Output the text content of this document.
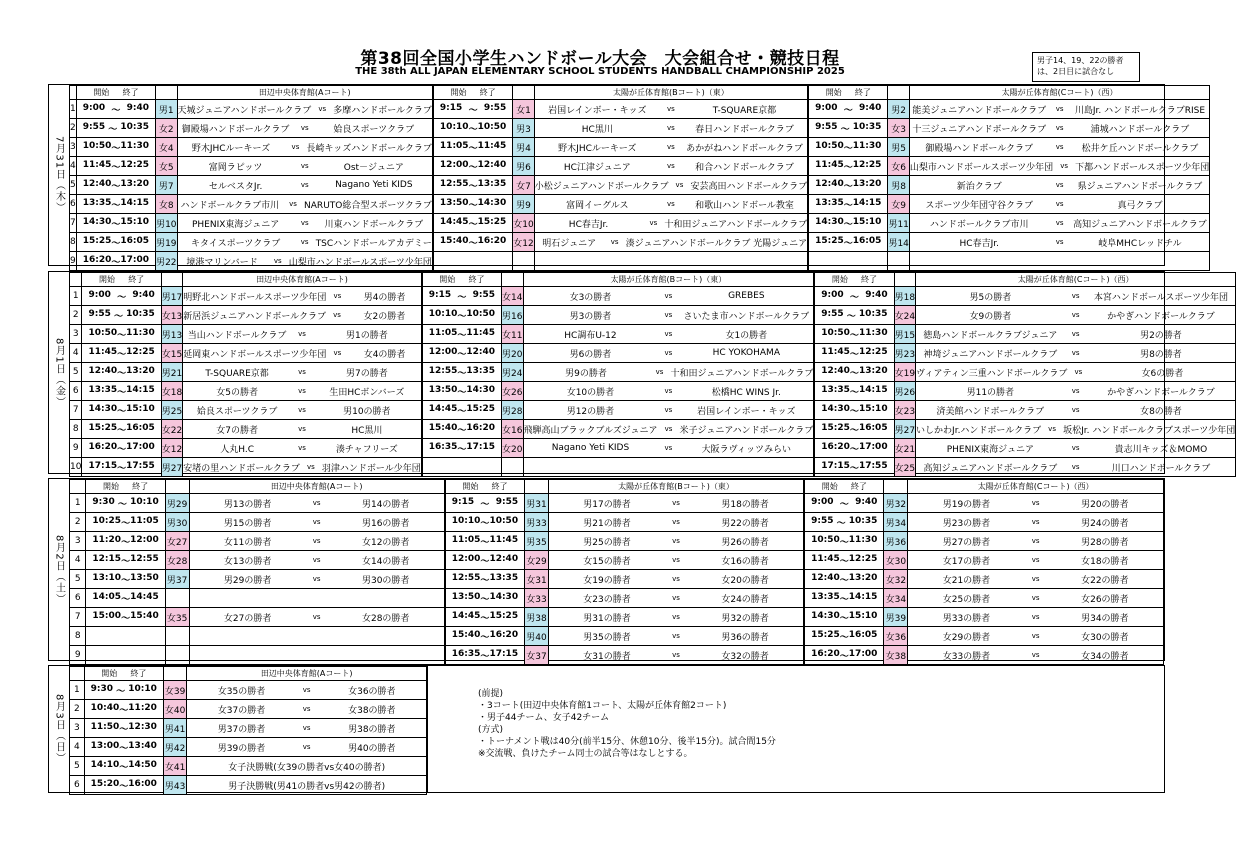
第38回全国小学生ハンドボール大会　大会組合せ・競技日程
THE 38th ALL JAPAN ELEMENTARY SCHOOL STUDENTS HANDBALL CHAMPIONSHIP 2025
男子14、19、22の勝者は、2日目に試合なし
7月31日（木）

	開始 終了		田辺中央体育館(Aコート)	開始 終了		太陽が丘体育館(Bコート)（東）	開始 終了		太陽が丘体育館(Cコート)（西）
1	9:00 ～ 9:40	男1	天城ジュニアハンドボールクラブ vs 多摩ハンドボールクラブ	9:15 ～ 9:55	女1	岩国レインボー・キッズ vs T-SQUARE京都	9:00 ～ 9:40	男2	能美ジュニアハンドボールクラブ vs 川島Jr. ハンドボールクラブRISE

2	9:55 ～ 10:35	女2	御殿場ハンドボールクラブ vs 姶良スポーツクラブ	10:10 ～ 10:50	男3	HC黒川 vs 春日ハンドボールクラブ	9:55 ～ 10:35	女3	十三ジュニアハンドボールクラブ vs 浦城ハンドボールクラブ

3	10:50 ～ 11:30	女4	野木JHCルーキーズ vs 長崎キッズハンドボールクラブ	11:05 ～ 11:45	男4	野木JHCルーキーズ vs あかがねハンドボールクラブ	10:50 ～ 11:30	男5	御殿場ハンドボールクラブ vs 松井ケ丘ハンドボールクラブ

4	11:45 ～ 12:25	女5	富岡ラピッツ vs Ost－ジュニア	12:00 ～ 12:40	男6	HC江津ジュニア vs 和合ハンドボールクラブ	11:45 ～ 12:25	女6	山梨市ハンドボールスポーツ少年団 vs 下都ハンドボールスポーツ少年団

5	12:40 ～ 13:20	男7	セルベスタJr. vs Nagano Yeti KIDS	12:55 ～ 13:35	女7	小松ジュニアハンドボールクラブ vs 安芸高田ハンドボールクラブ	12:40 ～ 13:20	男8	新治クラブ vs 県ジュニアハンドボールクラブ

6	13:35 ～ 14:15	女8	ハンドボールクラブ市川 vs NARUTO総合型スポーツクラブ	13:50 ～ 14:30	男9	富岡イーグルス vs 和歌山ハンドボール教室	13:35 ～ 14:15	女9	スポーツ少年団守谷クラブ vs 真弓クラブ

7	14:30 ～ 15:10	男10	PHENIX東海ジュニア vs 川東ハンドボールクラブ	14:45 ～ 15:25	女10	HC春吉Jr. vs 十和田ジュニアハンドボールクラブ	14:30 ～ 15:10	男11	ハンドボールクラブ市川 vs 高知ジュニアハンドボールクラブ

8	15:25 ～ 16:05	男19	キタイスポーツクラブ vs TSCハンドボールアカデミー	15:40 ～ 16:20	女12	明石ジュニア vs 湊ジュニアハンドボールクラブ 光陽ジュニア	15:25 ～ 16:05	男14	HC春吉Jr. vs 岐阜MHCレッドチル

9	16:20 ～ 17:00	男22	境港マリンバード vs 山梨市ハンドボールスポーツ少年団						

8月1日（金）

	開始 終了		田辺中央体育館(Aコート)	開始 終了		太陽が丘体育館(Bコート)（東）	開始 終了		太陽が丘体育館(Cコート)（西）
1	9:00 ～ 9:40	男17	明野北ハンドボールスポーツ少年団 vs 男4の勝者	9:15 ～ 9:55	女14	女3の勝者 vs GREBES	9:00 ～ 9:40	男18	男5の勝者 vs 本宮ハンドボールスポーツ少年団

2	9:55 ～ 10:35	女13	新居浜ジュニアハンドボールクラブ vs 女2の勝者	10:10 ～ 10:50	男16	男3の勝者 vs さいたま市ハンドボールクラブ	9:55 ～ 10:35	女24	女9の勝者 vs かやぎハンドボールクラブ

3	10:50 ～ 11:30	男13	当山ハンドボールクラブ vs 男1の勝者	11:05 ～ 11:45	女11	HC調布U-12 vs 女1の勝者	10:50 ～ 11:30	男15	徳島ハンドボールクラブジュニア vs 男2の勝者

4	11:45 ～ 12:25	女15	延岡東ハンドボールスポーツ少年団 vs 女4の勝者	12:00 ～ 12:40	男20	男6の勝者 vs HC YOKOHAMA	11:45 ～ 12:25	男23	神埼ジュニアハンドボールクラブ vs 男8の勝者

5	12:40 ～ 13:20	男21	T-SQUARE京都 vs 男7の勝者	12:55 ～ 13:35	男24	男9の勝者 vs 十和田ジュニアハンドボールクラブ	12:40 ～ 13:20	女19	ヴィアティン三重ハンドボールクラブ vs 女6の勝者

6	13:35 ～ 14:15	女18	女5の勝者 vs 生田HCボンバーズ	13:50 ～ 14:30	女26	女10の勝者 vs 松橋HC WINS Jr.	13:35 ～ 14:15	男26	男11の勝者 vs かやぎハンドボールクラブ

7	14:30 ～ 15:10	男25	姶良スポーツクラブ vs 男10の勝者	14:45 ～ 15:25	男28	男12の勝者 vs 岩国レインボー・キッズ	14:30 ～ 15:10	女23	済美館ハンドボールクラブ vs 女8の勝者

8	15:25 ～ 16:05	女22	女7の勝者 vs HC黒川	15:40 ～ 16:20	女16	飛騨高山ブラックブルズジュニア vs 米子ジュニアハンドボールクラブ	15:25 ～ 16:05	男27	いしかわJr.ハンドボールクラブ vs 坂松Jr. ハンドボールクラブスポーツ少年団

9	16:20 ～ 17:00	女12	人丸H.C vs 湊チャフリーズ	16:35 ～ 17:15	女20	Nagano Yeti KIDS vs 大阪ラヴィッツみらい	16:20 ～ 17:00	女21	PHENIX東海ジュニア vs 貴志川キッズ＆MOMO

10	17:15 ～ 17:55	男27	安堵の里ハンドボールクラブ vs 羽津ハンドボール少年団				17:15 ～ 17:55	女25	高知ジュニアハンドボールクラブ vs 川口ハンドボールクラブ
8月2日（土）

	開始 終了		田辺中央体育館(Aコート)	開始 終了		太陽が丘体育館(Bコート)（東）	開始 終了		太陽が丘体育館(Cコート)（西）
1	9:30 ～ 10:10	男29	男13の勝者 vs 男14の勝者	9:15 ～ 9:55	男31	男17の勝者 vs 男18の勝者	9:00 ～ 9:40	男32	男19の勝者 vs 男20の勝者

2	10:25 ～ 11:05	男30	男15の勝者 vs 男16の勝者	10:10 ～ 10:50	男33	男21の勝者 vs 男22の勝者	9:55 ～ 10:35	男34	男23の勝者 vs 男24の勝者

3	11:20 ～ 12:00	女27	女11の勝者 vs 女12の勝者	11:05 ～ 11:45	男35	男25の勝者 vs 男26の勝者	10:50 ～ 11:30	男36	男27の勝者 vs 男28の勝者

4	12:15 ～ 12:55	女28	女13の勝者 vs 女14の勝者	12:00 ～ 12:40	女29	女15の勝者 vs 女16の勝者	11:45 ～ 12:25	女30	女17の勝者 vs 女18の勝者

5	13:10 ～ 13:50	男37	男29の勝者 vs 男30の勝者	12:55 ～ 13:35	女31	女19の勝者 vs 女20の勝者	12:40 ～ 13:20	女32	女21の勝者 vs 女22の勝者

6	14:05 ～ 14:45			13:50 ～ 14:30	女33	女23の勝者 vs 女24の勝者	13:35 ～ 14:15	女34	女25の勝者 vs 女26の勝者

7	15:00 ～ 15:40	女35	女27の勝者 vs 女28の勝者	14:45 ～ 15:25	男38	男31の勝者 vs 男32の勝者	14:30 ～ 15:10	男39	男33の勝者 vs 男34の勝者

8				15:40 ～ 16:20	男40	男35の勝者 vs 男36の勝者	15:25 ～ 16:05	女36	女29の勝者 vs 女30の勝者

9				16:35 ～ 17:15	女37	女31の勝者 vs 女32の勝者	16:20 ～ 17:00	女38	女33の勝者 vs 女34の勝者
8月3日（日）

	開始 終了		田辺中央体育館(Aコート)
1	9:30 ～ 10:10	女39	女35の勝者 vs 女36の勝者

2	10:40 ～ 11:20	女40	女37の勝者 vs 女38の勝者

3	11:50 ～ 12:30	男41	男37の勝者 vs 男38の勝者

4	13:00 ～ 13:40	男42	男39の勝者 vs 男40の勝者

5	14:10 ～ 14:50	女41	女子決勝戦(女39の勝者vs女40の勝者)

6	15:20 ～ 16:00	男43	男子決勝戦(男41の勝者vs男42の勝者)
(前提)
・3コート(田辺中央体育館1コート、太陽が丘体育館2コート)
・男子44チーム、女子42チーム
(方式)
・トーナメント戦は40分(前半15分、休憩10分、後半15分)。試合間15分
※交流戦、負けたチーム同士の試合等はなしとする。
